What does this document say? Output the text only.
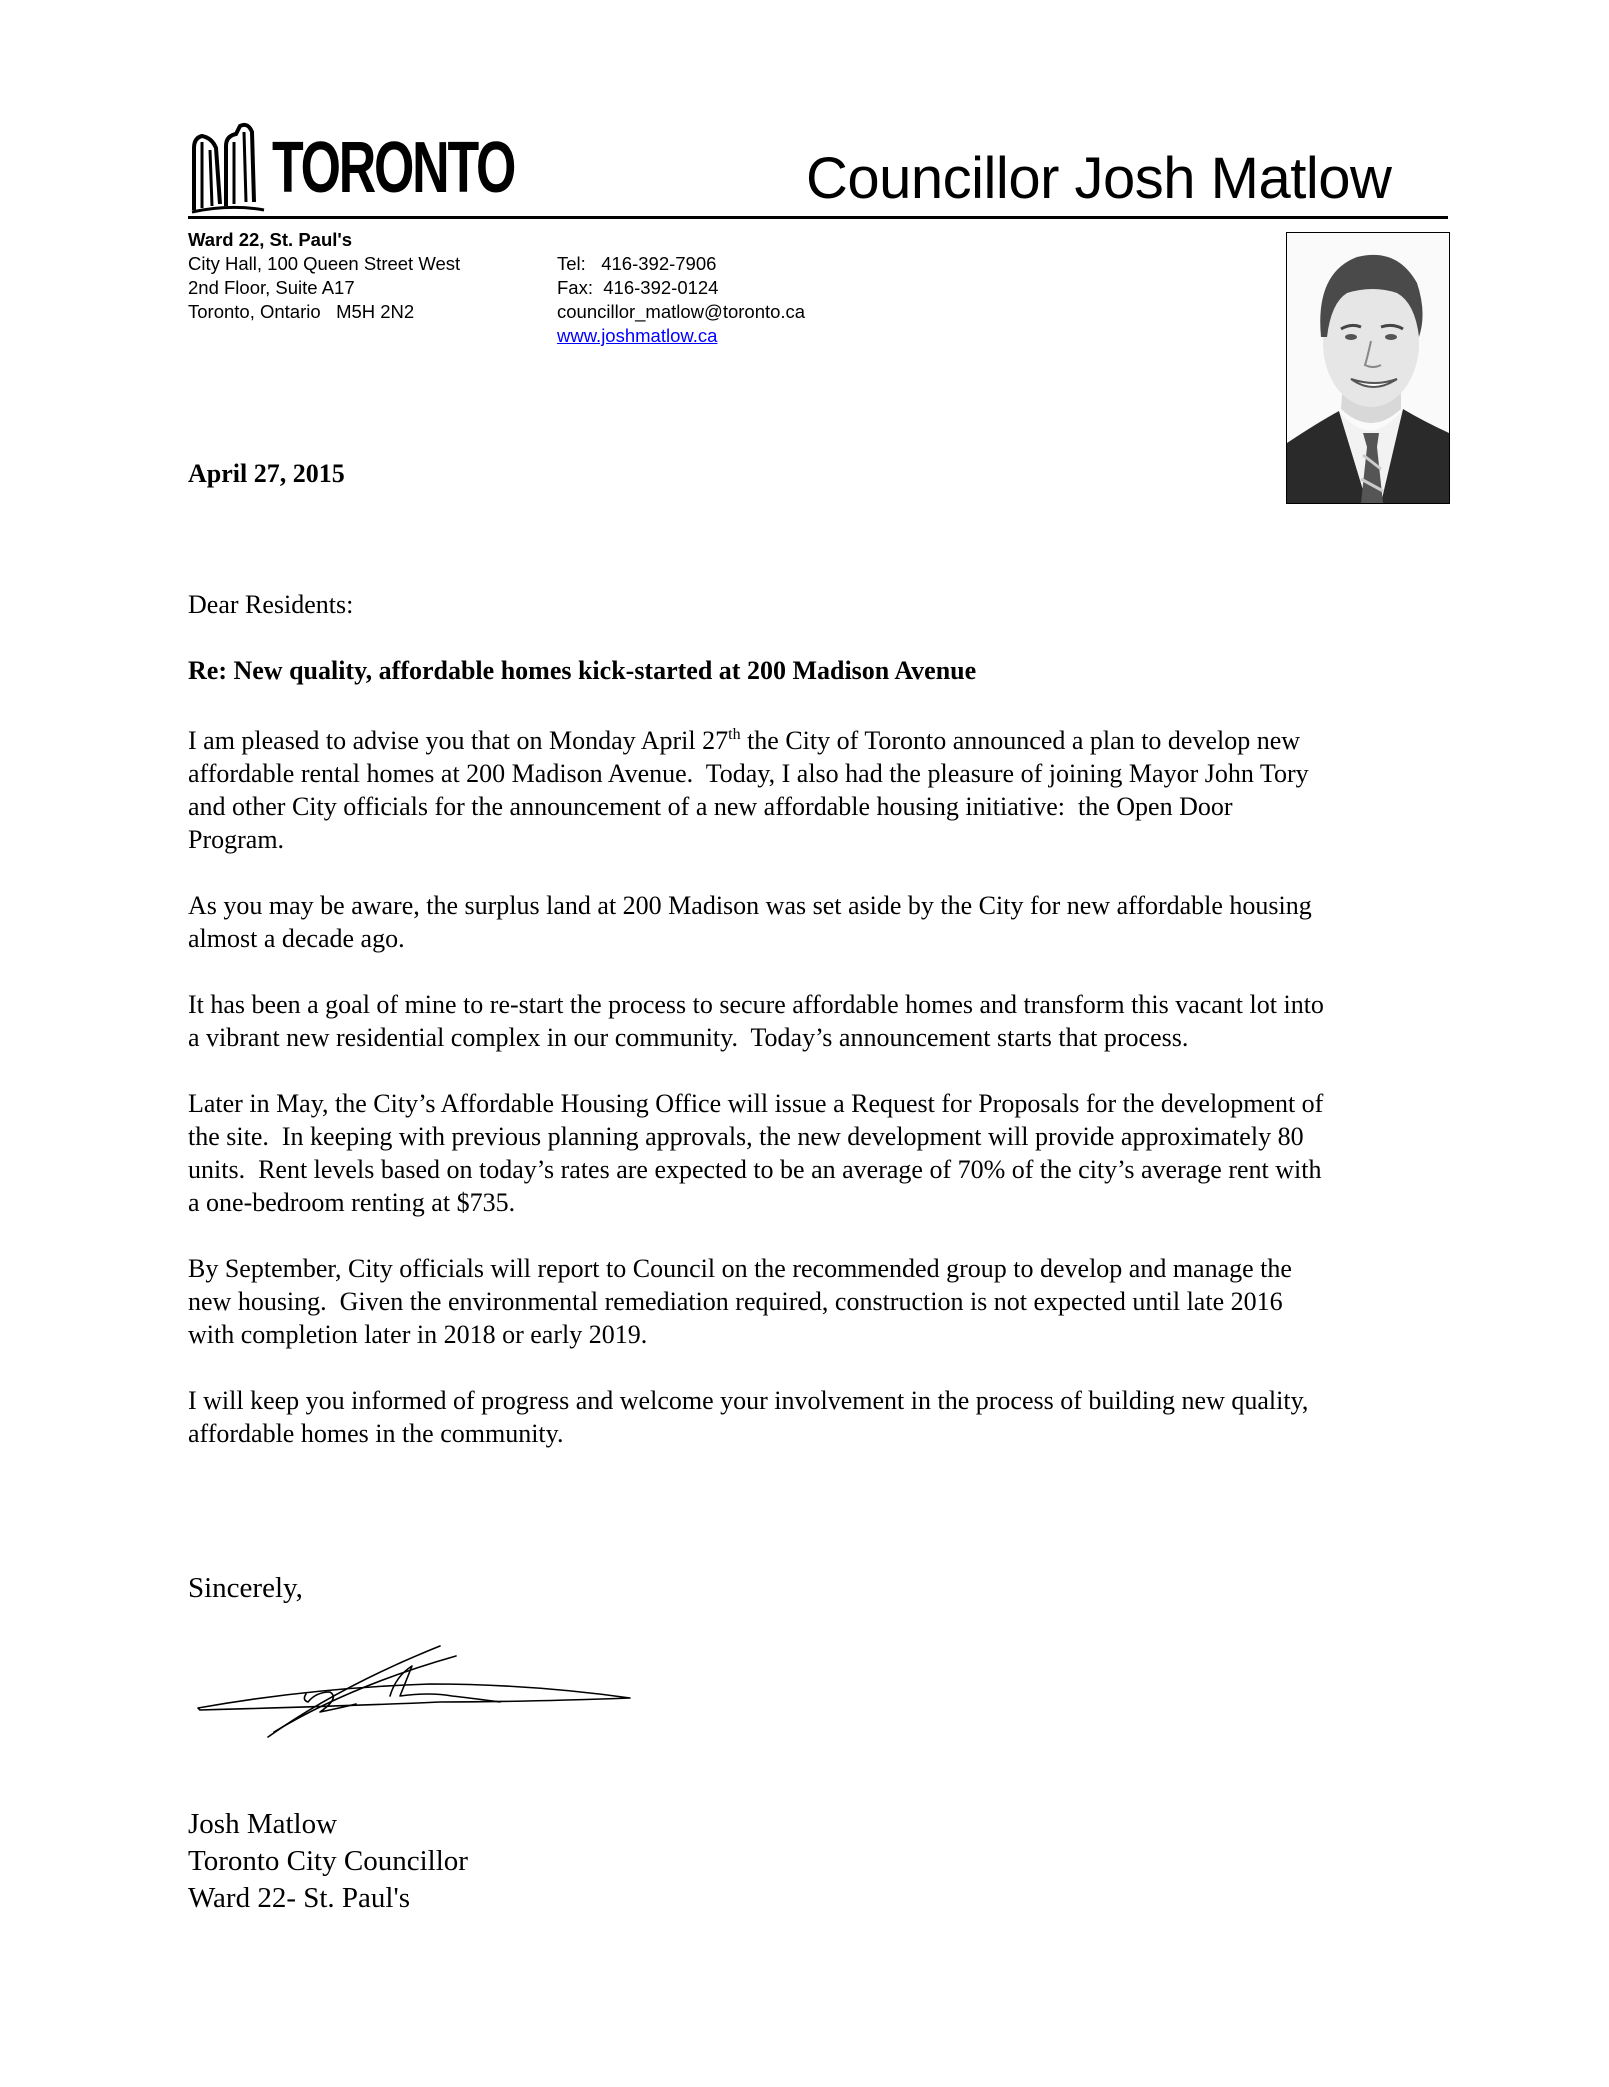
TORONTO	Councillor Josh Matlow
Ward 22, St. Paul's
City Hall, 100 Queen Street West
2nd Floor, Suite A17
Toronto, Ontario   M5H 2N2
Tel:   416-392-7906
Fax:  416-392-0124
councillor_matlow@toronto.ca
www.joshmatlow.ca
April 27, 2015
Dear Residents:
Re: New quality, affordable homes kick-started at 200 Madison Avenue
I am pleased to advise you that on Monday April 27th the City of Toronto announced a plan to develop new
affordable rental homes at 200 Madison Avenue.  Today, I also had the pleasure of joining Mayor John Tory
and other City officials for the announcement of a new affordable housing initiative:  the Open Door
Program.
As you may be aware, the surplus land at 200 Madison was set aside by the City for new affordable housing
almost a decade ago.
It has been a goal of mine to re-start the process to secure affordable homes and transform this vacant lot into
a vibrant new residential complex in our community.  Today’s announcement starts that process.
Later in May, the City’s Affordable Housing Office will issue a Request for Proposals for the development of
the site.  In keeping with previous planning approvals, the new development will provide approximately 80
units.  Rent levels based on today’s rates are expected to be an average of 70% of the city’s average rent with
a one-bedroom renting at $735.
By September, City officials will report to Council on the recommended group to develop and manage the
new housing.  Given the environmental remediation required, construction is not expected until late 2016
with completion later in 2018 or early 2019.
I will keep you informed of progress and welcome your involvement in the process of building new quality,
affordable homes in the community.
Sincerely,
Josh Matlow
Toronto City Councillor
Ward 22- St. Paul's
